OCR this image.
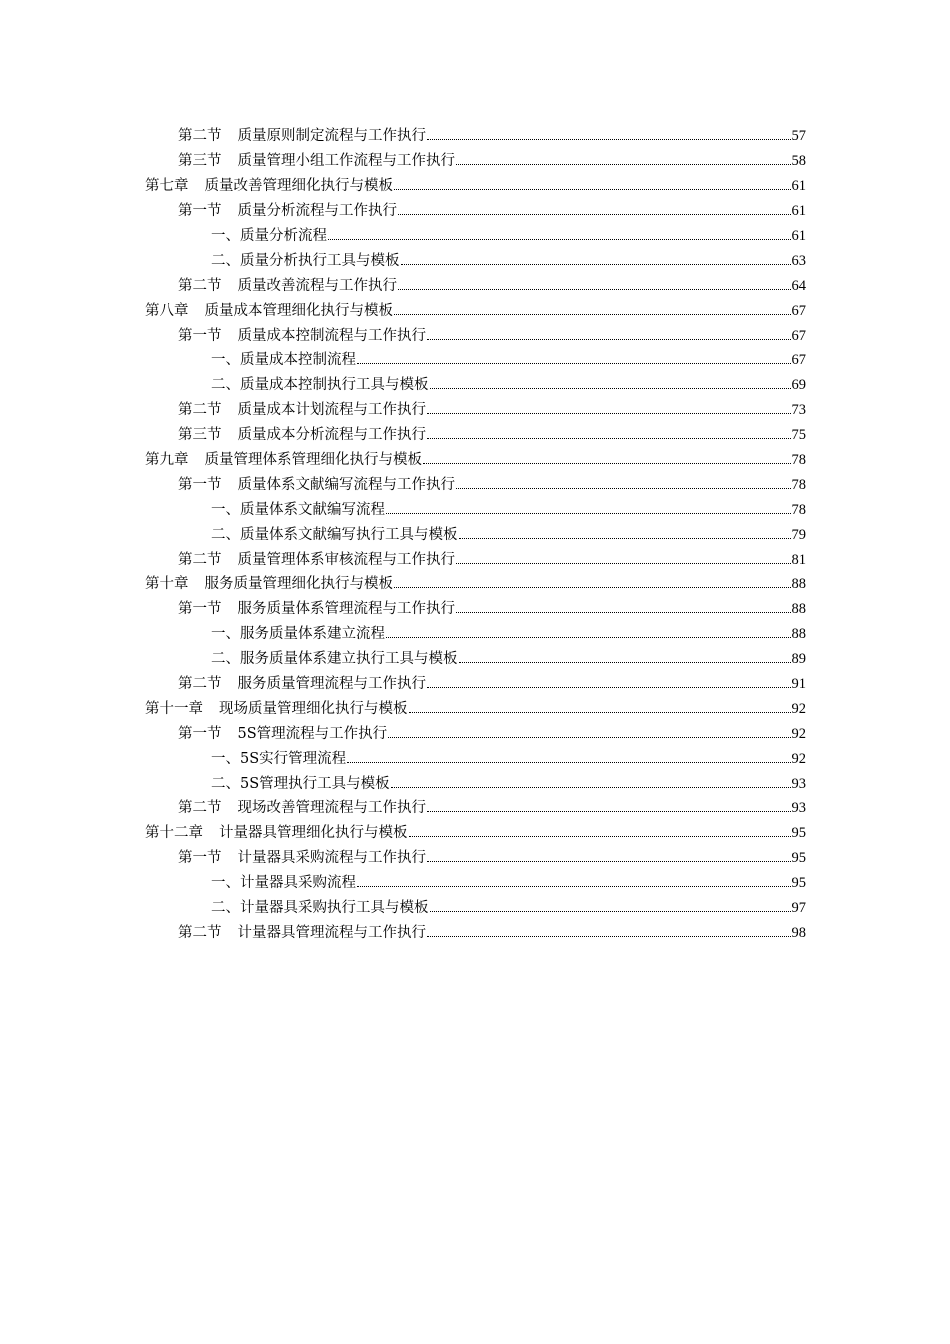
第二节 质量原则制定流程与工作执行	57
第三节 质量管理小组工作流程与工作执行	58
第七章 质量改善管理细化执行与模板	61
第一节 质量分析流程与工作执行	61
一、质量分析流程	61
二、质量分析执行工具与模板	63
第二节 质量改善流程与工作执行	64
第八章 质量成本管理细化执行与模板	67
第一节 质量成本控制流程与工作执行	67
一、质量成本控制流程	67
二、质量成本控制执行工具与模板	69
第二节 质量成本计划流程与工作执行	73
第三节 质量成本分析流程与工作执行	75
第九章 质量管理体系管理细化执行与模板	78
第一节 质量体系文献编写流程与工作执行	78
一、质量体系文献编写流程	78
二、质量体系文献编写执行工具与模板	79
第二节 质量管理体系审核流程与工作执行	81
第十章 服务质量管理细化执行与模板	88
第一节 服务质量体系管理流程与工作执行	88
一、服务质量体系建立流程	88
二、服务质量体系建立执行工具与模板	89
第二节 服务质量管理流程与工作执行	91
第十一章 现场质量管理细化执行与模板	92
第一节 5S管理流程与工作执行	92
一、5S实行管理流程	92
二、5S管理执行工具与模板	93
第二节 现场改善管理流程与工作执行	93
第十二章 计量器具管理细化执行与模板	95
第一节 计量器具采购流程与工作执行	95
一、计量器具采购流程	95
二、计量器具采购执行工具与模板	97
第二节 计量器具管理流程与工作执行	98
